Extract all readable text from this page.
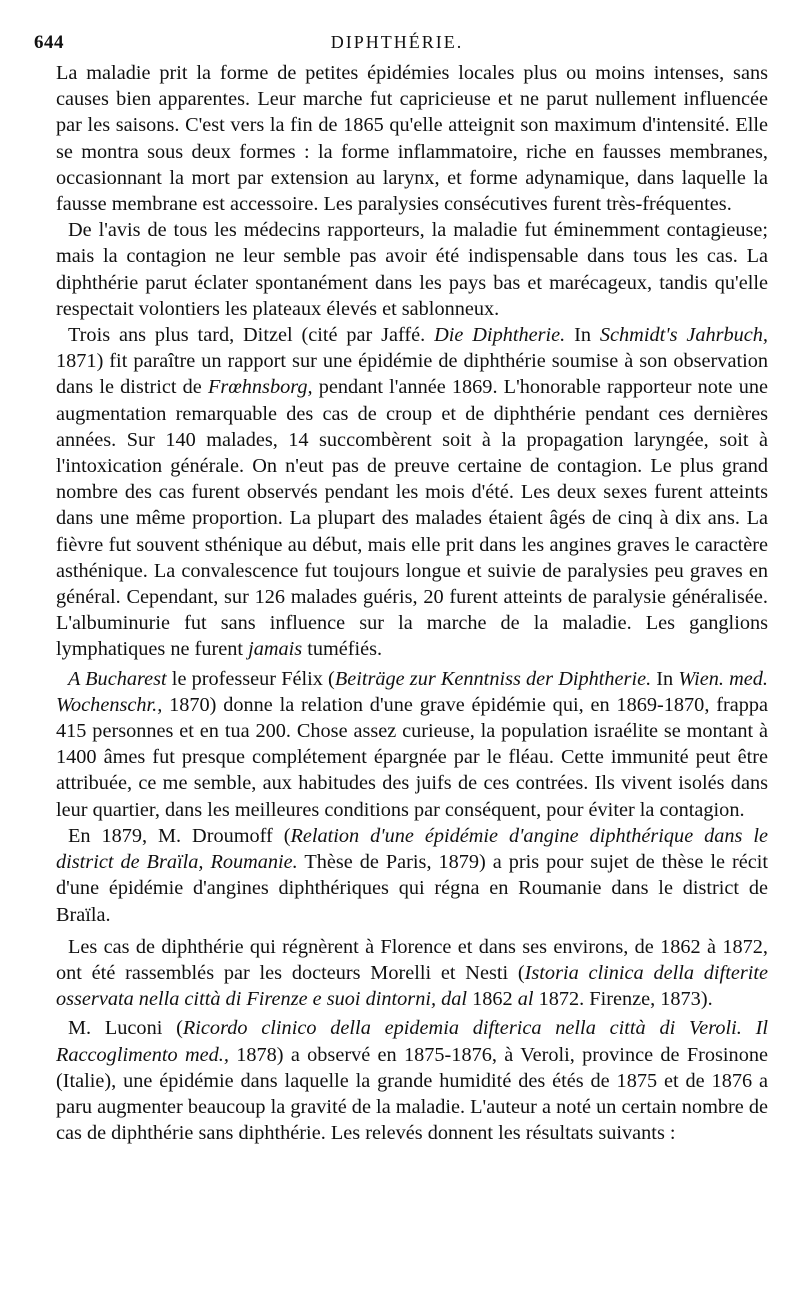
644	DIPHTHÉRIE.

La maladie prit la forme de petites épidémies locales plus ou moins intenses, sans causes bien apparentes. Leur marche fut capricieuse et ne parut nullement influencée par les saisons. C'est vers la fin de 1865 qu'elle atteignit son maximum d'intensité. Elle se montra sous deux formes : la forme inflammatoire, riche en fausses membranes, occasionnant la mort par extension au larynx, et forme adynamique, dans laquelle la fausse membrane est accessoire. Les paralysies consécutives furent très-fréquentes.

De l'avis de tous les médecins rapporteurs, la maladie fut éminemment contagieuse; mais la contagion ne leur semble pas avoir été indispensable dans tous les cas. La diphthérie parut éclater spontanément dans les pays bas et marécageux, tandis qu'elle respectait volontiers les plateaux élevés et sablonneux.

Trois ans plus tard, Ditzel (cité par Jaffé. Die Diphtherie. In Schmidt's Jahrbuch, 1871) fit paraître un rapport sur une épidémie de diphthérie soumise à son observation dans le district de Frœhnsborg, pendant l'année 1869. L'honorable rapporteur note une augmentation remarquable des cas de croup et de diphthérie pendant ces dernières années. Sur 140 malades, 14 succombèrent soit à la propagation laryngée, soit à l'intoxication générale. On n'eut pas de preuve certaine de contagion. Le plus grand nombre des cas furent observés pendant les mois d'été. Les deux sexes furent atteints dans une même proportion. La plupart des malades étaient âgés de cinq à dix ans. La fièvre fut souvent sthénique au début, mais elle prit dans les angines graves le caractère asthénique. La convalescence fut toujours longue et suivie de paralysies peu graves en général. Cependant, sur 126 malades guéris, 20 furent atteints de paralysie généralisée. L'albuminurie fut sans influence sur la marche de la maladie. Les ganglions lymphatiques ne furent jamais tuméfiés.

A Bucharest le professeur Félix (Beiträge zur Kenntniss der Diphtherie. In Wien. med. Wochenschr., 1870) donne la relation d'une grave épidémie qui, en 1869-1870, frappa 415 personnes et en tua 200. Chose assez curieuse, la population israélite se montant à 1400 âmes fut presque complétement épargnée par le fléau. Cette immunité peut être attribuée, ce me semble, aux habitudes des juifs de ces contrées. Ils vivent isolés dans leur quartier, dans les meilleures conditions par conséquent, pour éviter la contagion.

En 1879, M. Droumoff (Relation d'une épidémie d'angine diphthérique dans le district de Braïla, Roumanie. Thèse de Paris, 1879) a pris pour sujet de thèse le récit d'une épidémie d'angines diphthériques qui régna en Roumanie dans le district de Braïla.

Les cas de diphthérie qui régnèrent à Florence et dans ses environs, de 1862 à 1872, ont été rassemblés par les docteurs Morelli et Nesti (Istoria clinica della difterite osservata nella città di Firenze e suoi dintorni, dal 1862 al 1872. Firenze, 1873).

M. Luconi (Ricordo clinico della epidemia difterica nella città di Veroli. Il Raccoglimento med., 1878) a observé en 1875-1876, à Veroli, province de Frosinone (Italie), une épidémie dans laquelle la grande humidité des étés de 1875 et de 1876 a paru augmenter beaucoup la gravité de la maladie. L'auteur a noté un certain nombre de cas de diphthérie sans diphthérie. Les relevés donnent les résultats suivants :
